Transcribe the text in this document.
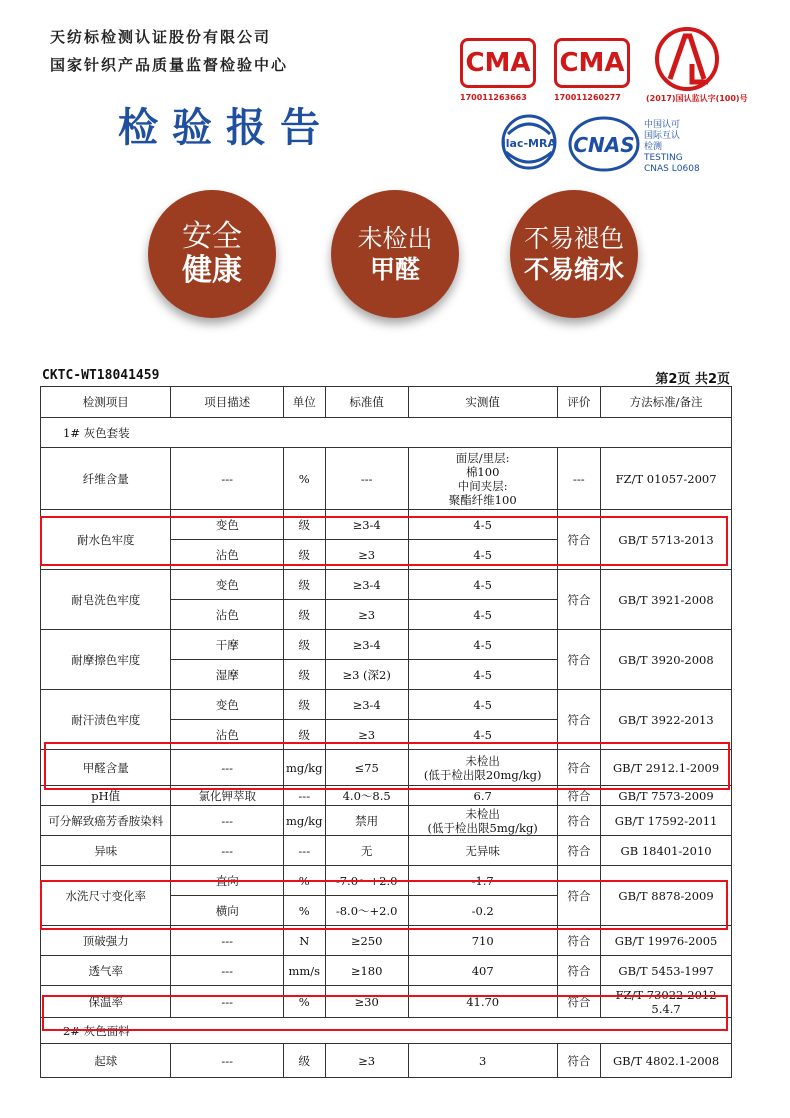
天纺标检测认证股份有限公司
国家针织产品质量监督检验中心
检验报告
CMA
170011263663
CMA
170011260277	(2017)国认监认字(100)号
ilac-MRA CNAS
中国认可
国际互认
检测
TESTING
CNAS L0608
安全
健康
未检出
甲醛
不易褪色
不易缩水
CKTC-WT18041459	第2页 共2页
检测项目	项目描述	单位	标准值	实测值	评价	方法标准/备注
1# 灰色套装						
纤维含量	---	%	---	面层/里层:
棉100
中间夹层:
聚酯纤维100	---	FZ/T 01057-2007
耐水色牢度	变色	级	≥3-4	4-5	符合	GB/T 5713-2013
	沾色	级	≥3	4-5		
耐皂洗色牢度	变色	级	≥3-4	4-5	符合	GB/T 3921-2008
	沾色	级	≥3	4-5		
耐摩擦色牢度	干摩	级	≥3-4	4-5	符合	GB/T 3920-2008
	湿摩	级	≥3 (深2)	4-5		
耐汗渍色牢度	变色	级	≥3-4	4-5	符合	GB/T 3922-2013
	沾色	级	≥3	4-5		
甲醛含量	---	mg/kg	≤75	未检出
(低于检出限20mg/kg)	符合	GB/T 2912.1-2009
pH值	氯化钾萃取	---	4.0～8.5	6.7	符合	GB/T 7573-2009
可分解致癌芳香胺染料	---	mg/kg	禁用	未检出
(低于检出限5mg/kg)	符合	GB/T 17592-2011
异味	---	---	无	无异味	符合	GB 18401-2010
水洗尺寸变化率	直向	%	-7.0～+2.0	-1.7	符合	GB/T 8878-2009
	横向	%	-8.0～+2.0	-0.2		
顶破强力	---	N	≥250	710	符合	GB/T 19976-2005
透气率	---	mm/s	≥180	407	符合	GB/T 5453-1997
保温率	---	%	≥30	41.70	符合	FZ/T 73022-2012
5.4.7

2# 灰色面料						
起球	---	级	≥3	3	符合	GB/T 4802.1-2008
